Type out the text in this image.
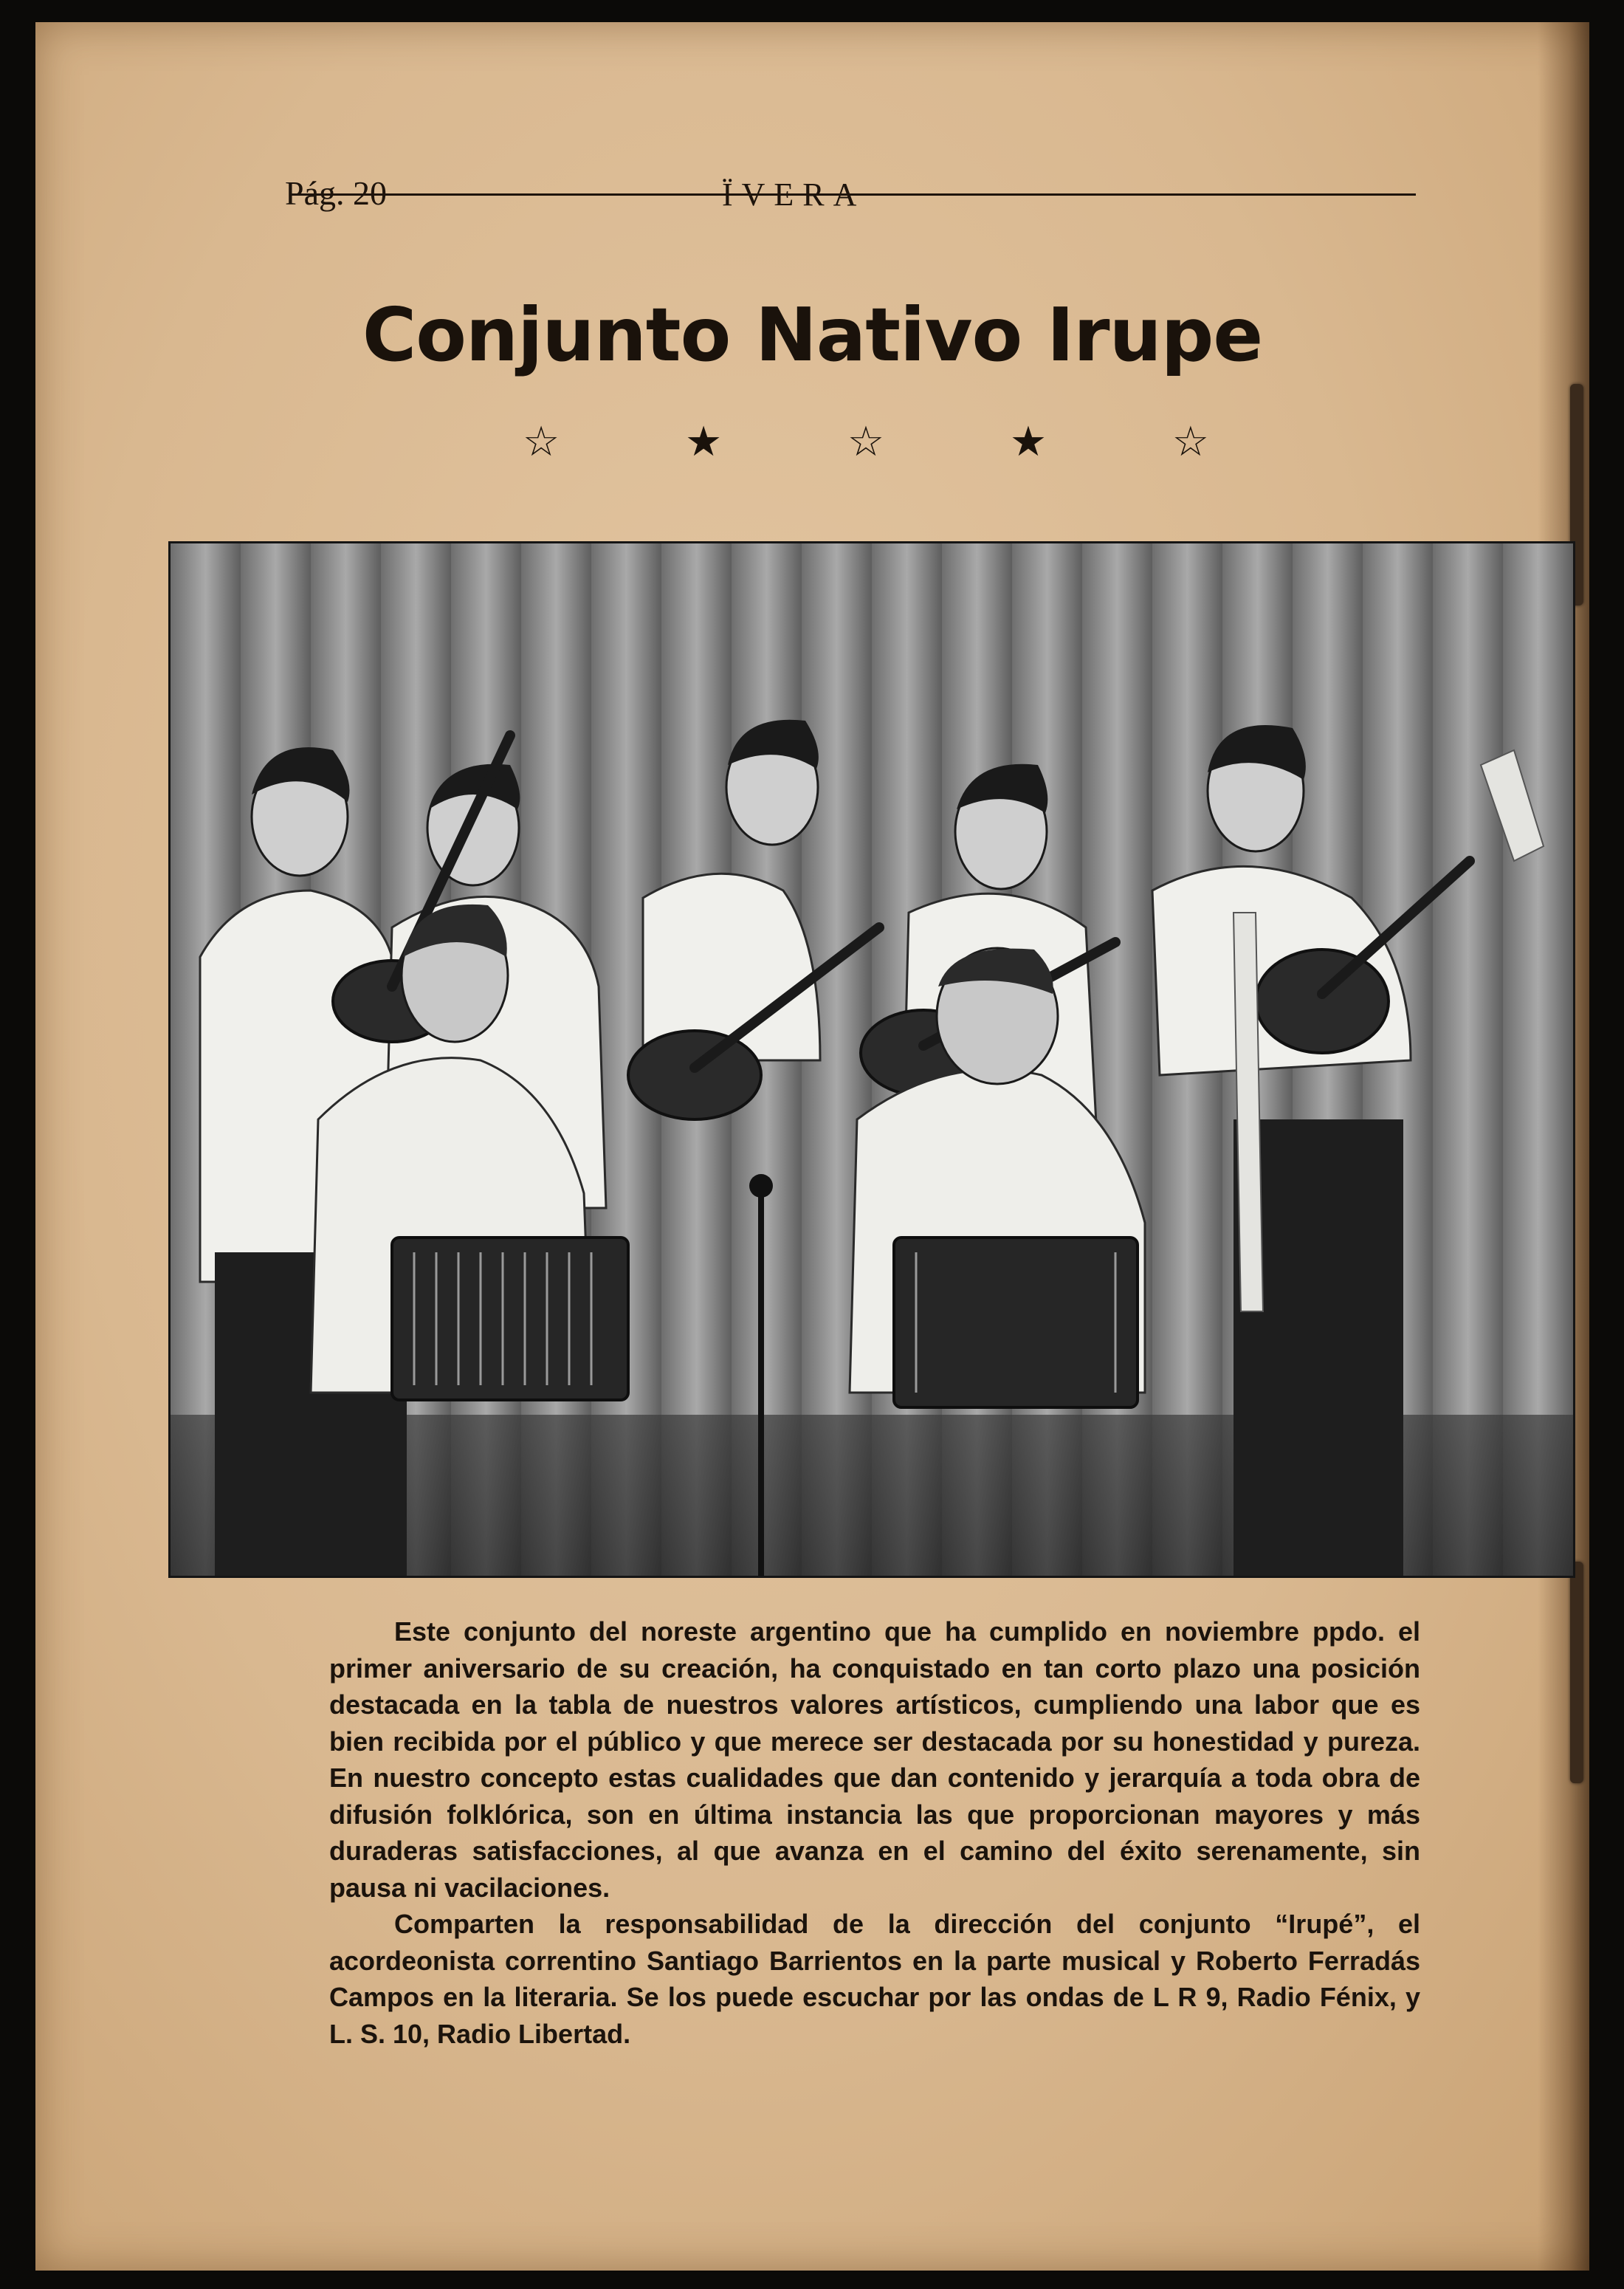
Pág. 20	ÏVERA
Conjunto Nativo Irupe
☆	★	☆	★	☆

Este conjunto del noreste argentino que ha cumplido en noviembre ppdo. el primer aniversario de su creación, ha conquistado en tan corto plazo una posición destacada en la tabla de nuestros valores artísticos, cumpliendo una labor que es bien recibida por el público y que merece ser destacada por su honestidad y pureza. En nuestro concepto estas cualidades que dan contenido y jerarquía a toda obra de difusión folklórica, son en última instancia las que proporcionan mayores y más duraderas satisfacciones, al que avanza en el camino del éxito serenamente, sin pausa ni vacilaciones.

Comparten la responsabilidad de la dirección del conjunto “Irupé”, el acordeonista correntino Santiago Barrientos en la parte musical y Roberto Ferradás Campos en la literaria. Se los puede escuchar por las ondas de L R 9, Radio Fénix, y L. S. 10, Radio Libertad.
